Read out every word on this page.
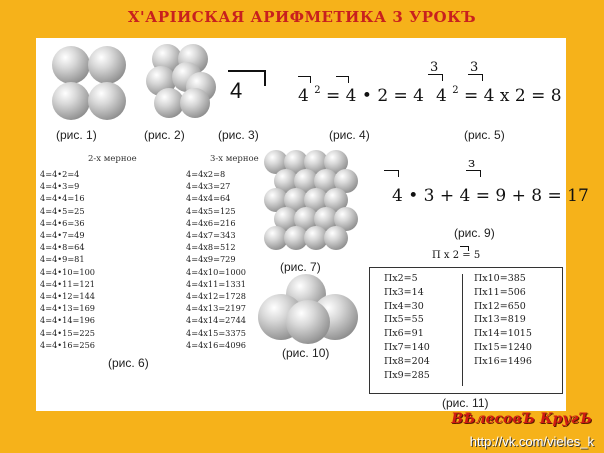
Х'АРІИСКАЯ АРИФМЕТИКА 3 УРОКЪ
(рис. 1)	(рис. 2)
4
(рис. 3)
4 $^2$ = 4 • 2 = 4
(рис. 4)
3 3
4 $^2$ = 4 х 2 = 8
(рис. 5)
2-х мерное	3-х мерное
4=4•2=4
4=4•3=9
4=4•4=16
4=4•5=25
4=4•6=36
4=4•7=49
4=4•8=64
4=4•9=81
4=4•10=100
4=4•11=121
4=4•12=144
4=4•13=169
4=4•14=196
4=4•15=225
4=4•16=256
4=4х2=8
4=4х3=27
4=4х4=64
4=4х5=125
4=4х6=216
4=4х7=343
4=4х8=512
4=4х9=729
4=4х10=1000
4=4х11=1331
4=4х12=1728
4=4х13=2197
4=4х14=2744
4=4х15=3375
4=4х16=4096
(рис. 6)
(рис. 7)
(рис. 10)
з
4 • 3 + 4 = 9 + 8 = 17
(рис. 9)
П х 2 = 5
Пх2=5
Пх3=14
Пх4=30
Пх5=55
Пх6=91
Пх7=140
Пх8=204
Пх9=285
Пх10=385
Пх11=506
Пх12=650
Пх13=819
Пх14=1015
Пх15=1240
Пх16=1496
(рис. 11)
ВѢлесовЪ КругЪ
http://vk.com/vieles_k
